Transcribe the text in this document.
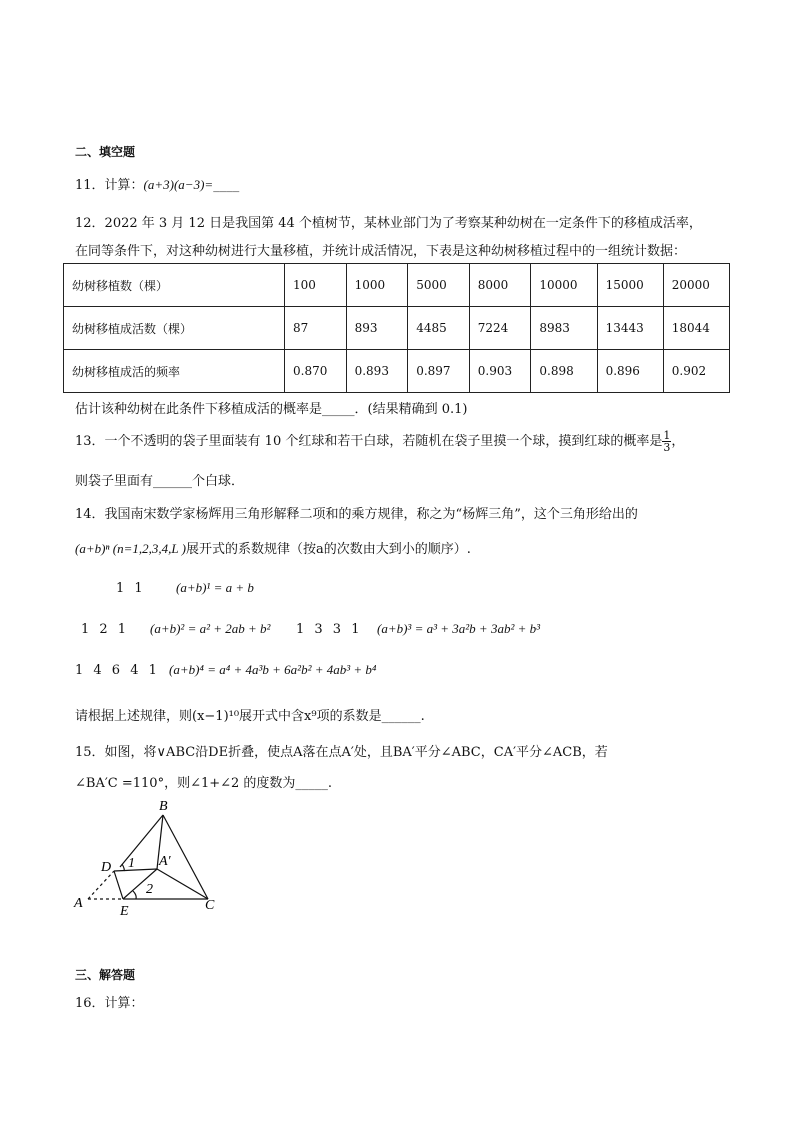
二、填空题
11．计算：(a+3)(a−3)=____
12．2022 年 3 月 12 日是我国第 44 个植树节，某林业部门为了考察某种幼树在一定条件下的移植成活率，
在同等条件下，对这种幼树进行大量移植，并统计成活情况，下表是这种幼树移植过程中的一组统计数据：
幼树移植数（棵）	100	1000	5000	8000	10000	15000	20000
幼树移植成活数（棵）	87	893	4485	7224	8983	13443	18044
幼树移植成活的频率	0.870	0.893	0.897	0.903	0.898	0.896	0.902
估计该种幼树在此条件下移植成活的概率是_____．(结果精确到 0.1)
13．一个不透明的袋子里面装有 10 个红球和若干白球，若随机在袋子里摸一个球，摸到红球的概率是 $\frac{1}{3}$ ，
则袋子里面有______个白球．
14．我国南宋数学家杨辉用三角形解释二项和的乘方规律，称之为“杨辉三角”，这个三角形给出的
(a+b)ⁿ (n=1,2,3,4,L )展开式的系数规律（按a的次数由大到小的顺序）.
1 1	(a+b)¹ = a + b
1 2 1 (a+b)² = a² + 2ab + b² 1 3 3 1 (a+b)³ = a³ + 3a²b + 3ab² + b³
1 4 6 4 1 (a+b)⁴ = a⁴ + 4a³b + 6a²b² + 4ab³ + b⁴
请根据上述规律，则(x−1)¹⁰展开式中含x⁹项的系数是______.
15．如图，将∨ABC沿DE折叠，使点A落在点A′处，且BA′平分∠ABC，CA′平分∠ACB，若
∠BA′C =110°，则∠1+∠2 的度数为_____.
B
D 1 A′
2
A
E	C
三、解答题
16．计算：
